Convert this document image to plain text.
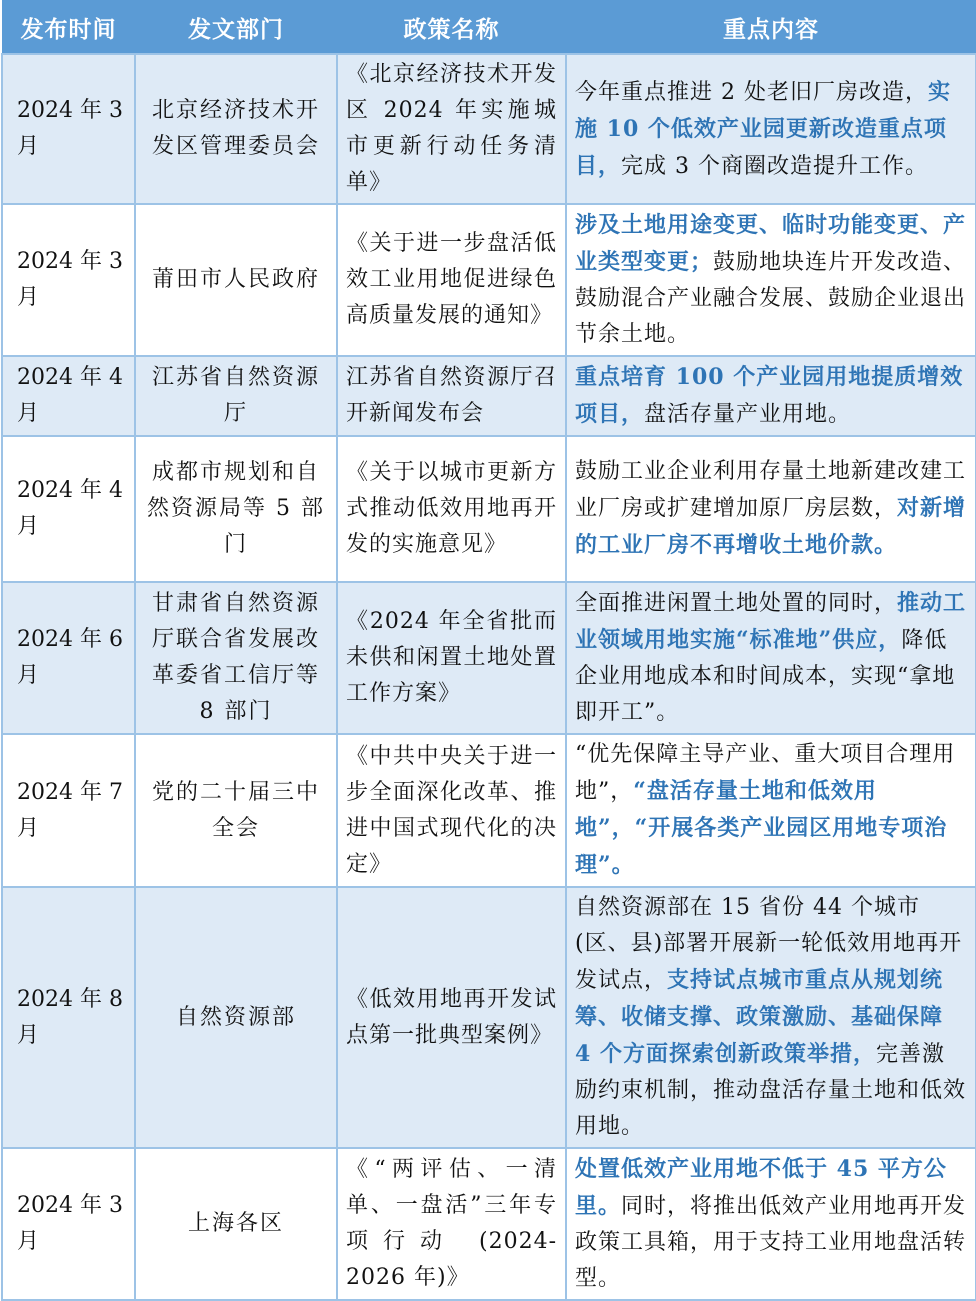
发布时间	发文部门	政策名称	重点内容
2024 年 3 月	北京经济技术开发区管理委员会	《北京经济技术开发区 2024 年实施城市更新行动任务清单》	今年重点推进 2 处老旧厂房改造，实施 10 个低效产业园更新改造重点项目，完成 3 个商圈改造提升工作。
2024 年 3 月	莆田市人民政府	《关于进一步盘活低效工业用地促进绿色高质量发展的通知》	涉及土地用途变更、临时功能变更、产业类型变更；鼓励地块连片开发改造、鼓励混合产业融合发展、鼓励企业退出节余土地。
2024 年 4 月	江苏省自然资源厅	江苏省自然资源厅召开新闻发布会	重点培育 100 个产业园用地提质增效项目，盘活存量产业用地。
2024 年 4 月	成都市规划和自然资源局等 5 部门	《关于以城市更新方式推动低效用地再开发的实施意见》	鼓励工业企业利用存量土地新建改建工业厂房或扩建增加原厂房层数，对新增的工业厂房不再增收土地价款。
2024 年 6 月	甘肃省自然资源厅联合省发展改革委省工信厅等 8 部门	《2024 年全省批而未供和闲置土地处置工作方案》	全面推进闲置土地处置的同时，推动工业领域用地实施“标准地”供应，降低企业用地成本和时间成本，实现“拿地即开工”。
2024 年 7 月	党的二十届三中全会	《中共中央关于进一步全面深化改革、推进中国式现代化的决定》	“优先保障主导产业、重大项目合理用地”，“盘活存量土地和低效用地”，“开展各类产业园区用地专项治理”。
2024 年 8 月	自然资源部	《低效用地再开发试点第一批典型案例》	自然资源部在 15 省份 44 个城市(区、县)部署开展新一轮低效用地再开发试点，支持试点城市重点从规划统筹、收储支撑、政策激励、基础保障 4 个方面探索创新政策举措，完善激励约束机制，推动盘活存量土地和低效用地。
2024 年 3 月	上海各区	《“两评估、一清单、一盘活”三年专项行动 (2024-2026 年)》	处置低效产业用地不低于 45 平方公里。同时，将推出低效产业用地再开发政策工具箱，用于支持工业用地盘活转型。
